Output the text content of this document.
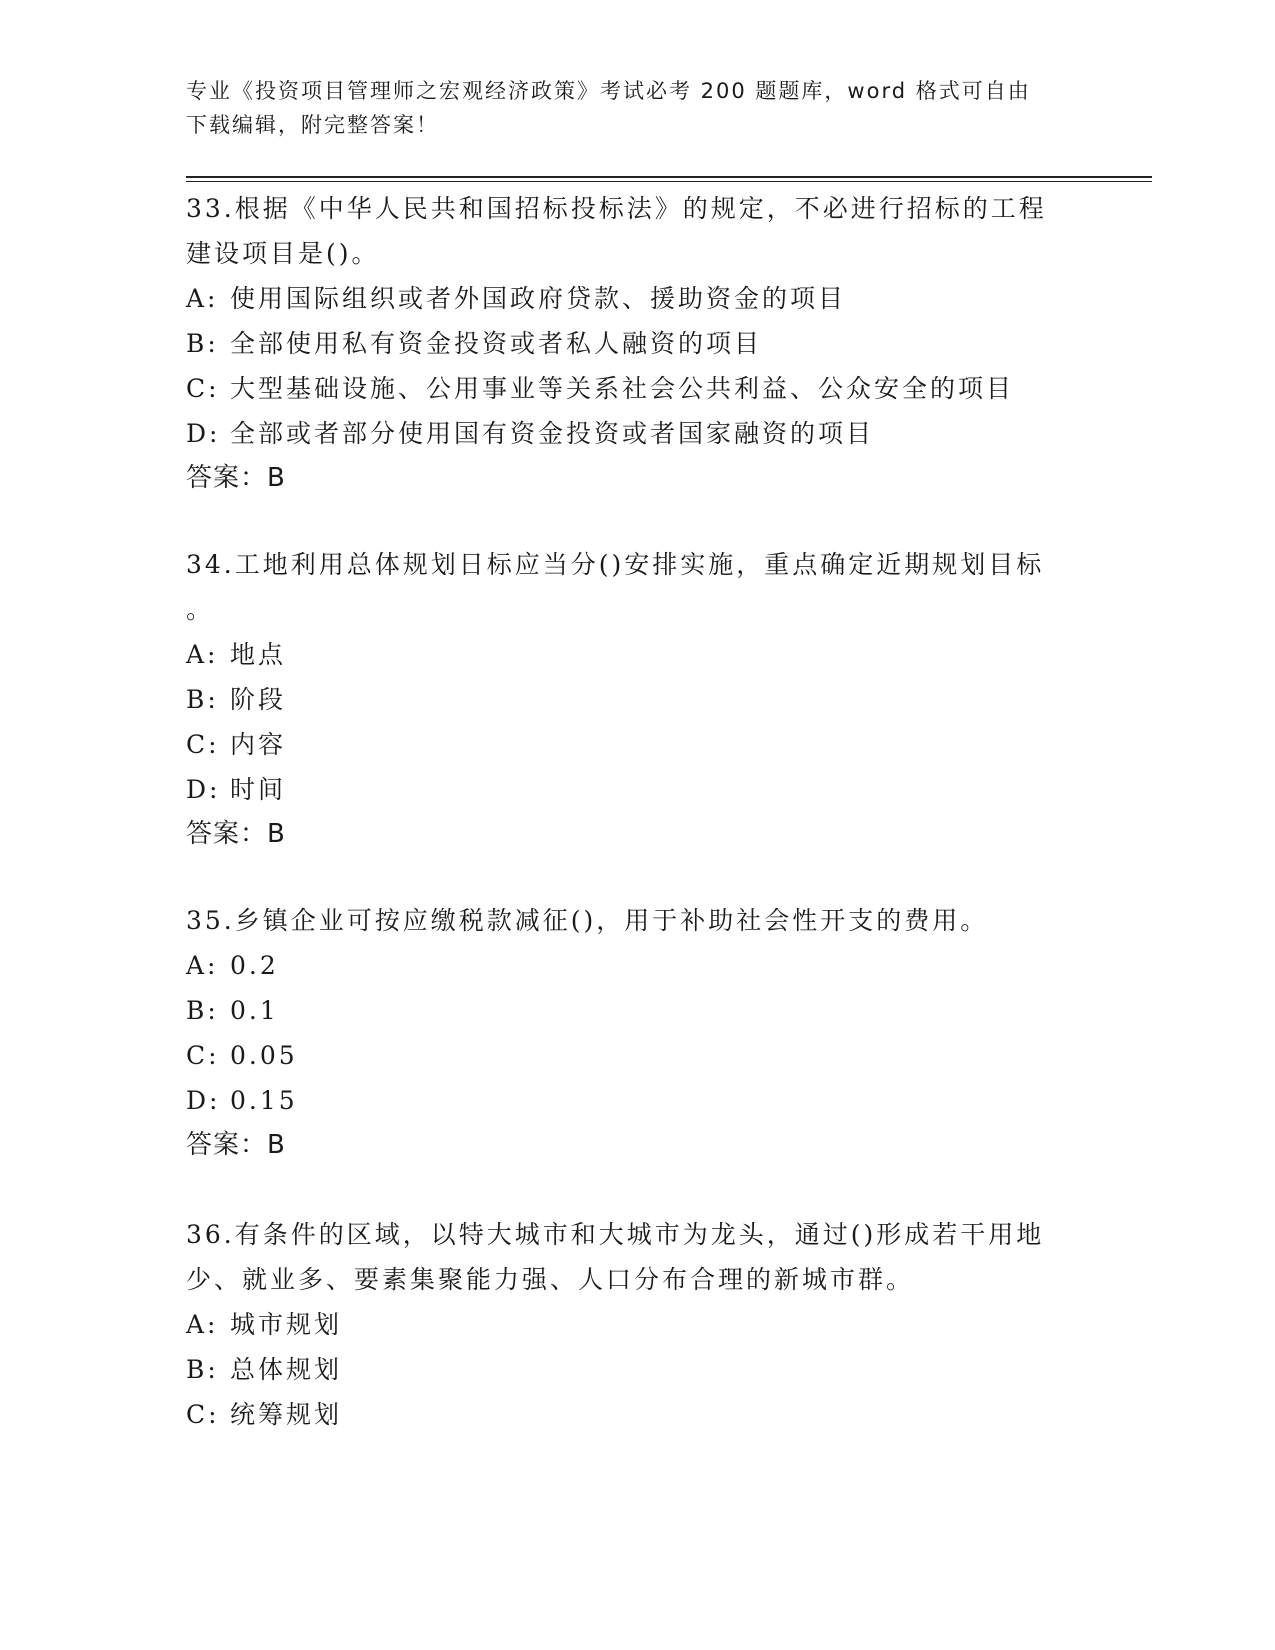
专业《投资项目管理师之宏观经济政策》考试必考 200 题题库，word 格式可自由
下载编辑，附完整答案！
33.根据《中华人民共和国招标投标法》的规定，不必进行招标的工程
建设项目是()。
A: 使用国际组织或者外国政府贷款、援助资金的项目
B: 全部使用私有资金投资或者私人融资的项目
C: 大型基础设施、公用事业等关系社会公共利益、公众安全的项目
D: 全部或者部分使用国有资金投资或者国家融资的项目
答案：B
34.工地利用总体规划日标应当分()安排实施，重点确定近期规划目标
。
A: 地点
B: 阶段
C: 内容
D: 时间
答案：B
35.乡镇企业可按应缴税款减征()，用于补助社会性开支的费用。
A: 0.2
B: 0.1
C: 0.05
D: 0.15
答案：B
36.有条件的区域，以特大城市和大城市为龙头，通过()形成若干用地
少、就业多、要素集聚能力强、人口分布合理的新城市群。
A: 城市规划
B: 总体规划
C: 统筹规划
